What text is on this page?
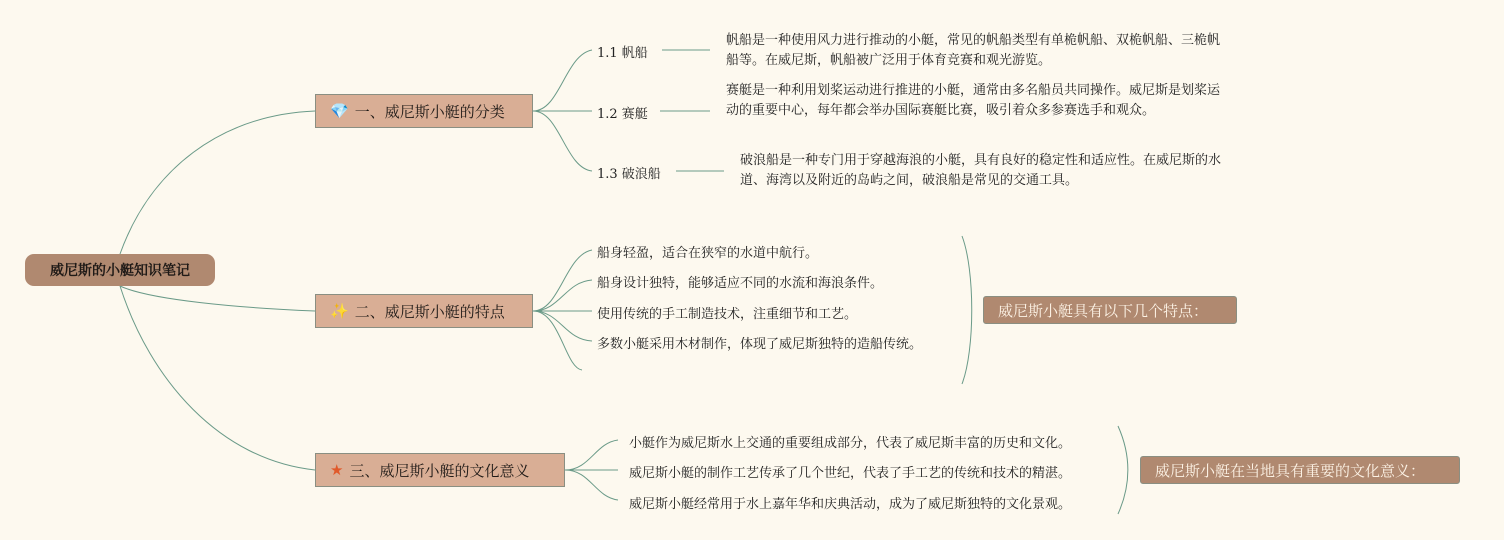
威尼斯的小艇知识笔记
💎 一、威尼斯小艇的分类
1.1 帆船
帆船是一种使用风力进行推动的小艇，常见的帆船类型有单桅帆船、双桅帆船、三桅帆船等。在威尼斯，帆船被广泛用于体育竞赛和观光游览。
1.2 赛艇
赛艇是一种利用划桨运动进行推进的小艇，通常由多名船员共同操作。威尼斯是划桨运动的重要中心，每年都会举办国际赛艇比赛，吸引着众多参赛选手和观众。
1.3 破浪船
破浪船是一种专门用于穿越海浪的小艇，具有良好的稳定性和适应性。在威尼斯的水道、海湾以及附近的岛屿之间，破浪船是常见的交通工具。
✨ 二、威尼斯小艇的特点
船身轻盈，适合在狭窄的水道中航行。
船身设计独特，能够适应不同的水流和海浪条件。
使用传统的手工制造技术，注重细节和工艺。
多数小艇采用木材制作，体现了威尼斯独特的造船传统。
威尼斯小艇具有以下几个特点：
★ 三、威尼斯小艇的文化意义
小艇作为威尼斯水上交通的重要组成部分，代表了威尼斯丰富的历史和文化。
威尼斯小艇的制作工艺传承了几个世纪，代表了手工艺的传统和技术的精湛。
威尼斯小艇经常用于水上嘉年华和庆典活动，成为了威尼斯独特的文化景观。
威尼斯小艇在当地具有重要的文化意义：
